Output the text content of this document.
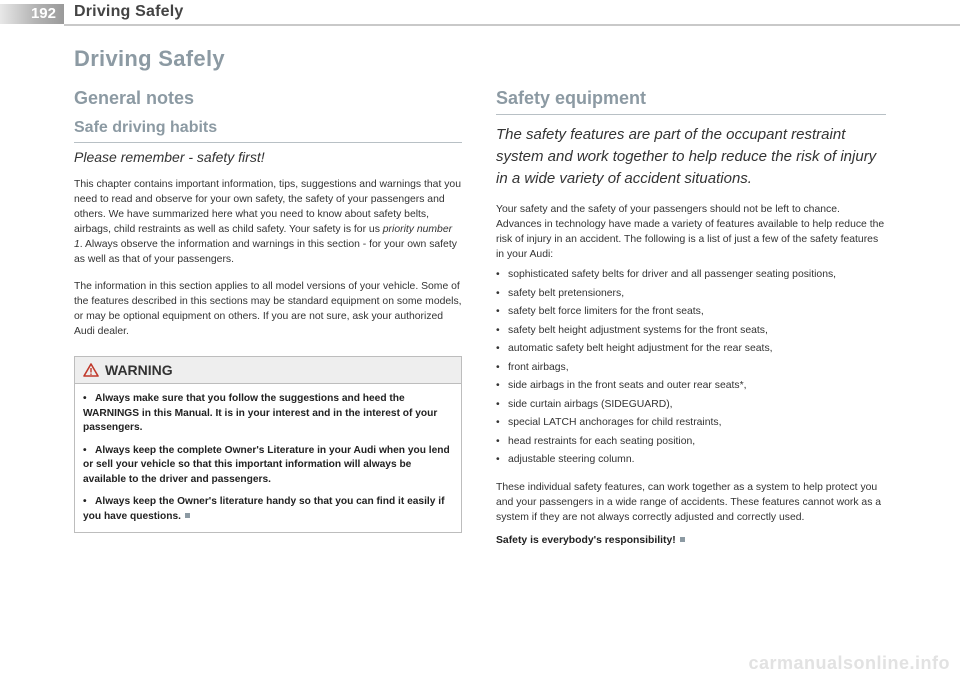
192	Driving Safely
Driving Safely
General notes
Safe driving habits
Please remember - safety first!

This chapter contains important information, tips, suggestions and warnings that you need to read and observe for your own safety, the safety of your passengers and others. We have summarized here what you need to know about safety belts, airbags, child restraints as well as child safety. Your safety is for us priority number 1. Always observe the information and warnings in this section - for your own safety as well as that of your passengers.

The information in this section applies to all model versions of your vehicle. Some of the features described in this sections may be standard equipment on some models, or may be optional equipment on others. If you are not sure, ask your authorized Audi dealer.

WARNING

• Always make sure that you follow the suggestions and heed the WARNINGS in this Manual. It is in your interest and in the interest of your passengers.

• Always keep the complete Owner's Literature in your Audi when you lend or sell your vehicle so that this important information will always be available to the driver and passengers.

• Always keep the Owner's literature handy so that you can find it easily if you have questions.

Safety equipment
The safety features are part of the occupant restraint system and work together to help reduce the risk of injury in a wide variety of accident situations.

Your safety and the safety of your passengers should not be left to chance. Advances in technology have made a variety of features available to help reduce the risk of injury in an accident. The following is a list of just a few of the safety features in your Audi:

• sophisticated safety belts for driver and all passenger seating positions,
• safety belt pretensioners,
• safety belt force limiters for the front seats,
• safety belt height adjustment systems for the front seats,
• automatic safety belt height adjustment for the rear seats,
• front airbags,
• side airbags in the front seats and outer rear seats*,
• side curtain airbags (SIDEGUARD),
• special LATCH anchorages for child restraints,
• head restraints for each seating position,
• adjustable steering column.

These individual safety features, can work together as a system to help protect you and your passengers in a wide range of accidents. These features cannot work as a system if they are not always correctly adjusted and correctly used.

Safety is everybody's responsibility!

carmanualsonline.info
